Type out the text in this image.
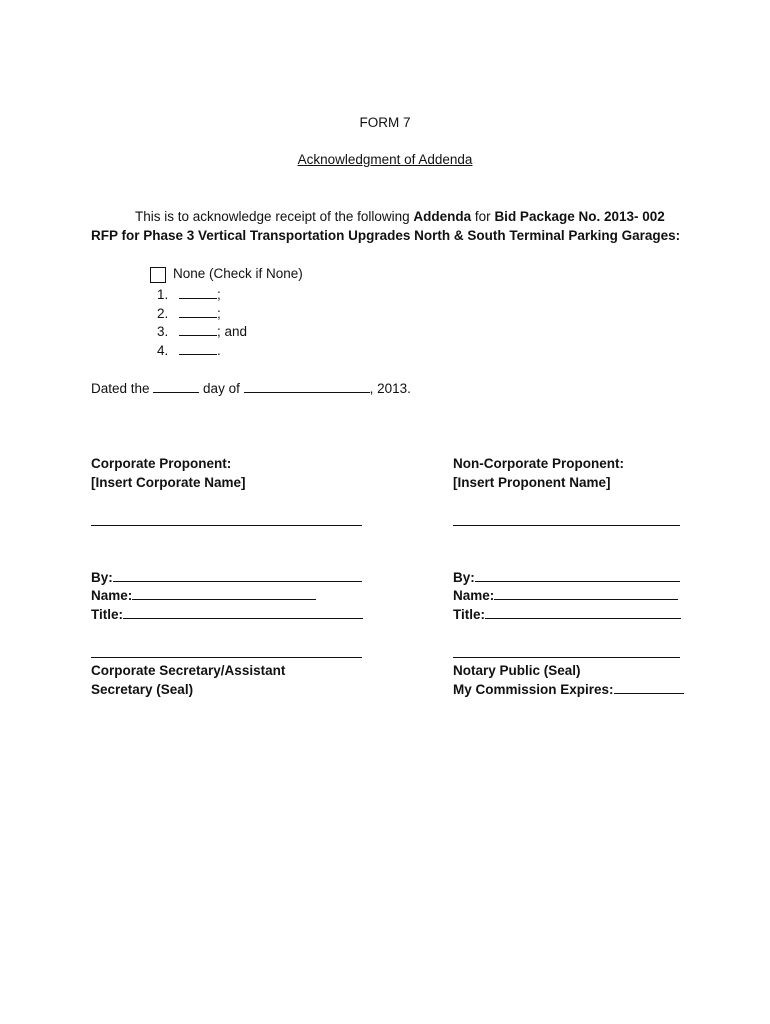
FORM 7
Acknowledgment of Addenda
This is to acknowledge receipt of the following Addenda for Bid Package No. 2013- 002
RFP for Phase 3 Vertical Transportation Upgrades North & South Terminal Parking Garages:
None (Check if None)
1.	;
2.	;
3.	; and
4.	.
Dated the	day of	, 2013.
Corporate Proponent:
[Insert Corporate Name]
By:
Name:
Title:
Corporate Secretary/Assistant
Secretary (Seal)
Non-Corporate Proponent:
[Insert Proponent Name]
By:
Name:
Title:
Notary Public (Seal)
My Commission Expires:
